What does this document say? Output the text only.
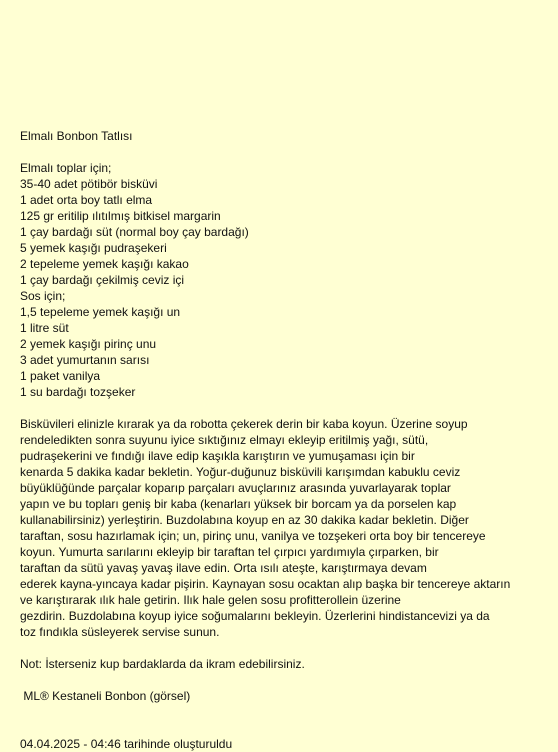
Elmalı Bonbon Tatlısı
Elmalı toplar için;
35-40 adet pötibör bisküvi
1 adet orta boy tatlı elma
125 gr eritilip ılıtılmış bitkisel margarin
1 çay bardağı süt (normal boy çay bardağı)
5 yemek kaşığı pudraşekeri
2 tepeleme yemek kaşığı kakao
1 çay bardağı çekilmiş ceviz içi
Sos için;
1,5 tepeleme yemek kaşığı un
1 litre süt
2 yemek kaşığı pirinç unu
3 adet yumurtanın sarısı
1 paket vanilya
1 su bardağı tozşeker
Bisküvileri elinizle kırarak ya da robotta çekerek derin bir kaba koyun. Üzerine soyup
rendeledikten sonra suyunu iyice sıktığınız elmayı ekleyip eritilmiş yağı, sütü,
pudraşekerini ve fındığı ilave edip kaşıkla karıştırın ve yumuşaması için bir
kenarda 5 dakika kadar bekletin. Yoğur-duğunuz bisküvili karışımdan kabuklu ceviz
büyüklüğünde parçalar koparıp parçaları avuçlarınız arasında yuvarlayarak toplar
yapın ve bu topları geniş bir kaba (kenarları yüksek bir borcam ya da porselen kap
kullanabilirsiniz) yerleştirin. Buzdolabına koyup en az 30 dakika kadar bekletin. Diğer
taraftan, sosu hazırlamak için; un, pirinç unu, vanilya ve tozşekeri orta boy bir tencereye
koyun. Yumurta sarılarını ekleyip bir taraftan tel çırpıcı yardımıyla çırparken, bir
taraftan da sütü yavaş yavaş ilave edin. Orta ısılı ateşte, karıştırmaya devam
ederek kayna-yıncaya kadar pişirin. Kaynayan sosu ocaktan alıp başka bir tencereye aktarın
ve karıştırarak ılık hale getirin. Ilık hale gelen sosu profitterollein üzerine
gezdirin. Buzdolabına koyup iyice soğumalarını bekleyin. Üzerlerini hindistancevizi ya da
toz fındıkla süsleyerek servise sunun.
Not: İsterseniz kup bardaklarda da ikram edebilirsiniz.
ML® Kestaneli Bonbon (görsel)
04.04.2025 - 04:46 tarihinde oluşturuldu
